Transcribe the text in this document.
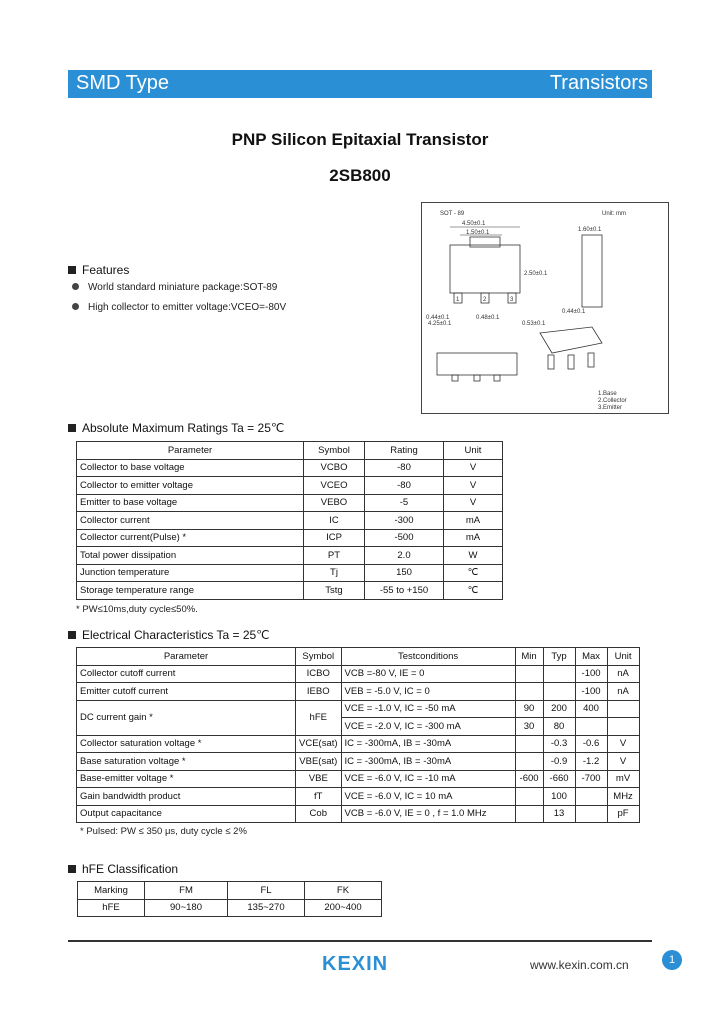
SMD Type	Transistors
PNP Silicon Epitaxial Transistor
2SB800
Features
World standard miniature package:SOT-89
High collector to emitter voltage:VCEO=-80V
SOT - 89	Unit: mm
1	2	3
4.50±0.1
1.50±0.1
2.50±0.1
0.44±0.1	0.48±0.1
0.53±0.1
4.25±0.1
1.60±0.1
0.44±0.1
1.Base
2.Collector
3.Emitter
Absolute Maximum Ratings Ta = 25℃
Parameter	Symbol	Rating	Unit
Collector to base voltage	VCBO	-80	V
Collector to emitter voltage	VCEO	-80	V
Emitter to base voltage	VEBO	-5	V
Collector current	IC	-300	mA
Collector current(Pulse) *	ICP	-500	mA
Total power dissipation	PT	2.0	W
Junction temperature	Tj	150	℃
Storage temperature range	Tstg	-55 to +150	℃
* PW≤10ms,duty cycle≤50%.
Electrical Characteristics Ta = 25℃
Parameter	Symbol	Testconditions	Min	Typ	Max	Unit
Collector cutoff current	ICBO	VCB =-80 V, IE = 0			-100	nA
Emitter cutoff current	IEBO	VEB = -5.0 V, IC = 0			-100	nA
DC current gain *	hFE	VCE = -1.0 V, IC = -50 mA	90	200	400	
		VCE = -2.0 V, IC = -300 mA	30	80		
Collector saturation voltage *	VCE(sat)	IC = -300mA, IB = -30mA		-0.3	-0.6	V
Base saturation voltage *	VBE(sat)	IC = -300mA, IB = -30mA		-0.9	-1.2	V
Base-emitter voltage *	VBE	VCE = -6.0 V, IC = -10 mA	-600	-660	-700	mV
Gain bandwidth product	fT	VCE = -6.0 V, IC = 10 mA		100		MHz
Output capacitance	Cob	VCB = -6.0 V, IE = 0 , f = 1.0 MHz		13		pF
* Pulsed: PW ≤ 350 μs, duty cycle ≤ 2%
hFE Classification
Marking	FM	FL	FK
hFE	90~180	135~270	200~400
KEXIN	www.kexin.com.cn	1
